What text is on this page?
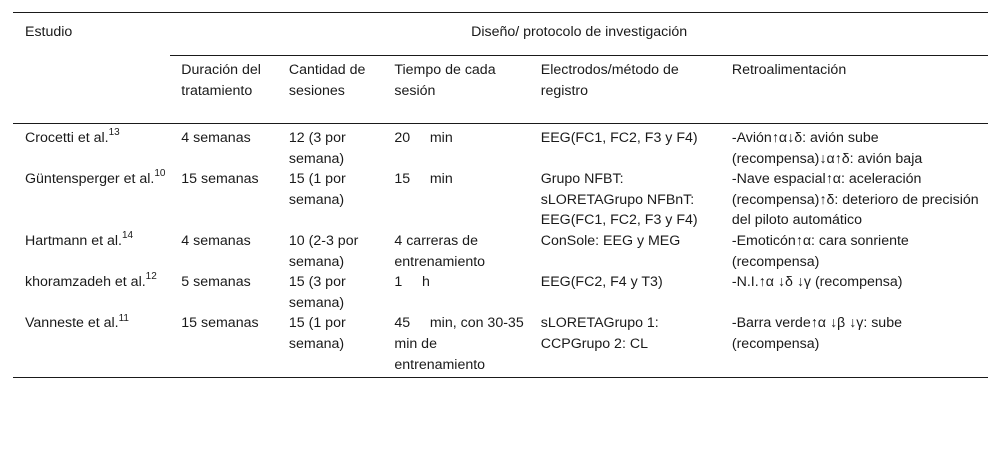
Estudio	Diseño/ protocolo de investigación				
	Duración del tratamiento	Cantidad de sesiones	Tiempo de cada sesión	Electrodos/método de registro	Retroalimentación
Crocetti et al.$^{13}$	4 semanas	12 (3 por semana)	20     min	EEG(FC1, FC2, F3 y F4)	-Avión↑α↓δ: avión sube (recompensa)↓α↑δ: avión baja
Güntensperger et al.$^{10}$	15 semanas	15 (1 por semana)	15     min	Grupo NFBT: sLORETAGrupo NFBnT: EEG(FC1, FC2, F3 y F4)	-Nave espacial↑α: aceleración (recompensa)↑δ: deterioro de precisión del piloto automático
Hartmann et al.$^{14}$	4 semanas	10 (2-3 por semana)	4 carreras de entrenamiento	ConSole: EEG y MEG	-Emoticón↑α: cara sonriente (recompensa)
khoramzadeh et al.$^{12}$	5 semanas	15 (3 por semana)	1     h	EEG(FC2, F4 y T3)	-N.I.↑α ↓δ ↓γ (recompensa)
Vanneste et al.$^{11}$	15 semanas	15 (1 por semana)	45     min, con 30-35     min de entrenamiento	sLORETAGrupo 1: CCPGrupo 2: CL	-Barra verde↑α ↓β ↓γ: sube (recompensa)
